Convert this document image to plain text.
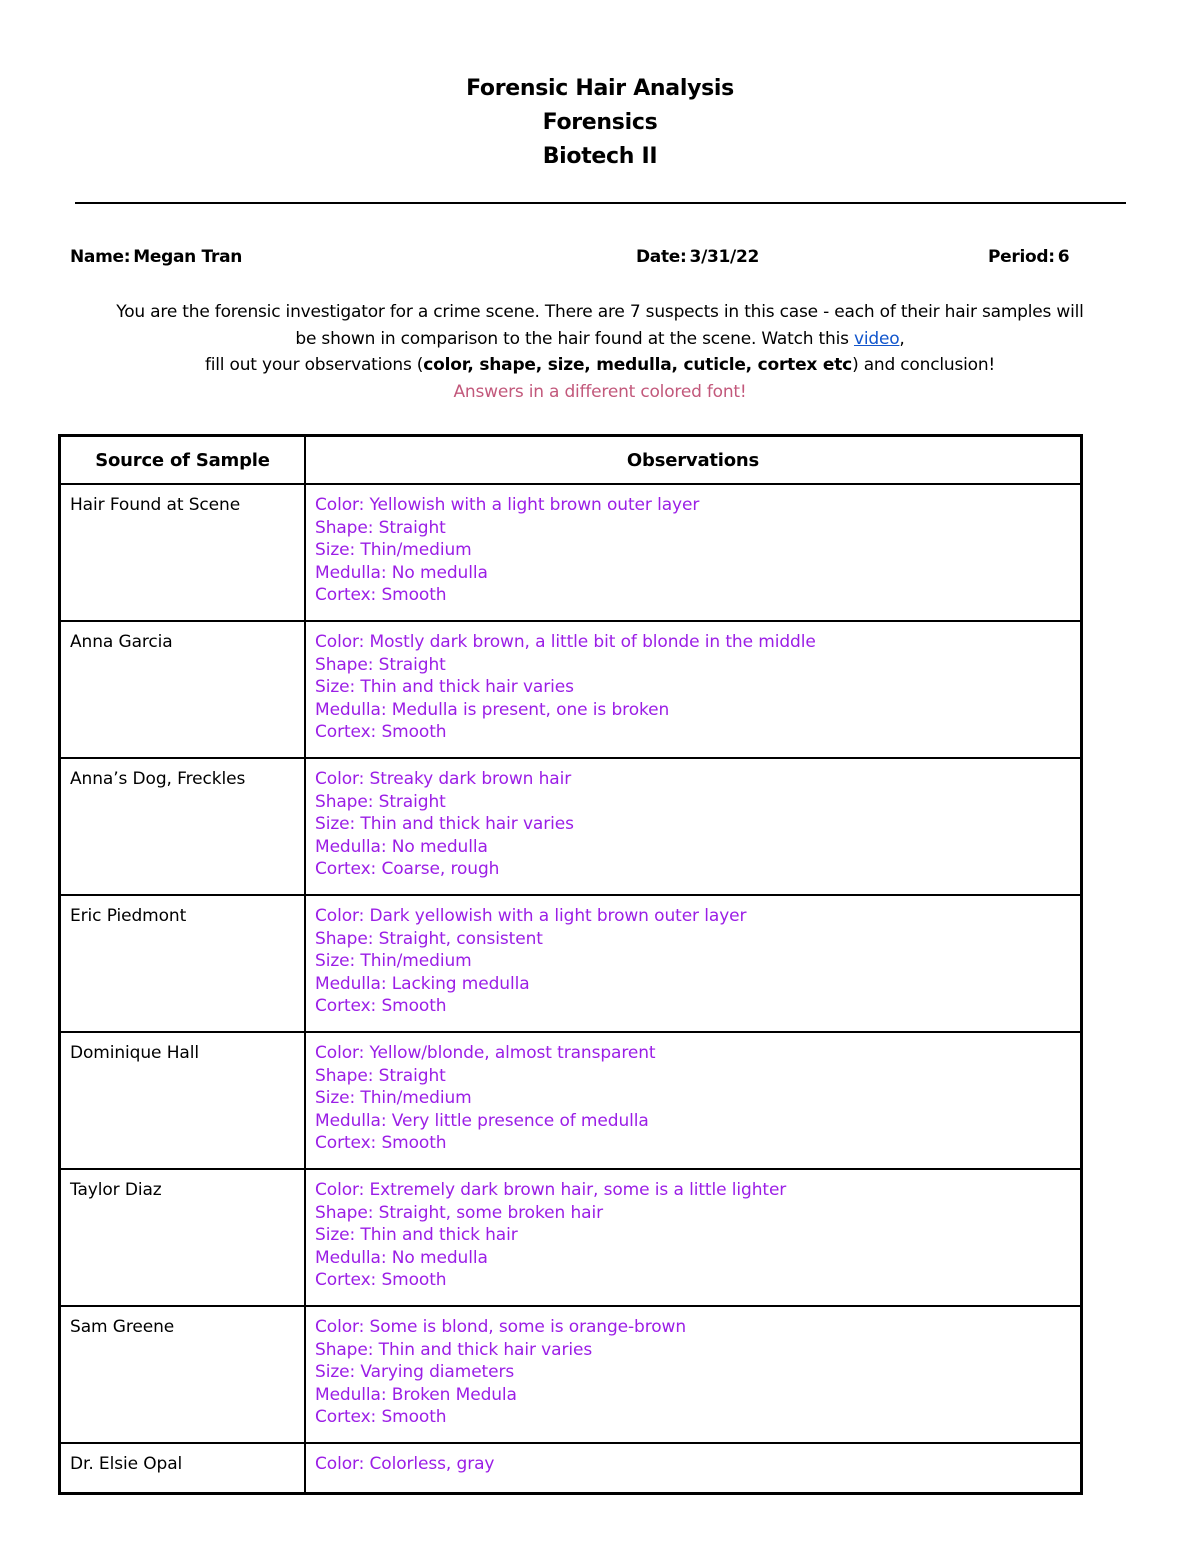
Forensic Hair Analysis
Forensics
Biotech II
Name: Megan Tran	Date: 3/31/22	Period: 6
You are the forensic investigator for a crime scene. There are 7 suspects in this case - each of their hair samples will
be shown in comparison to the hair found at the scene. Watch this video,
fill out your observations (color, shape, size, medulla, cuticle, cortex etc) and conclusion!
Answers in a different colored font!
Source of Sample	Observations
Hair Found at Scene	Color: Yellowish with a light brown outer layer
Shape: Straight
Size: Thin/medium
Medulla: No medulla
Cortex: Smooth

Anna Garcia	Color: Mostly dark brown, a little bit of blonde in the middle
Shape: Straight
Size: Thin and thick hair varies
Medulla: Medulla is present, one is broken
Cortex: Smooth

Anna’s Dog, Freckles	Color: Streaky dark brown hair
Shape: Straight
Size: Thin and thick hair varies
Medulla: No medulla
Cortex: Coarse, rough

Eric Piedmont	Color: Dark yellowish with a light brown outer layer
Shape: Straight, consistent
Size: Thin/medium
Medulla: Lacking medulla
Cortex: Smooth

Dominique Hall	Color: Yellow/blonde, almost transparent
Shape: Straight
Size: Thin/medium
Medulla: Very little presence of medulla
Cortex: Smooth

Taylor Diaz	Color: Extremely dark brown hair, some is a little lighter
Shape: Straight, some broken hair
Size: Thin and thick hair
Medulla: No medulla
Cortex: Smooth

Sam Greene	Color: Some is blond, some is orange-brown
Shape: Thin and thick hair varies
Size: Varying diameters
Medulla: Broken Medula
Cortex: Smooth

Dr. Elsie Opal	Color: Colorless, gray
